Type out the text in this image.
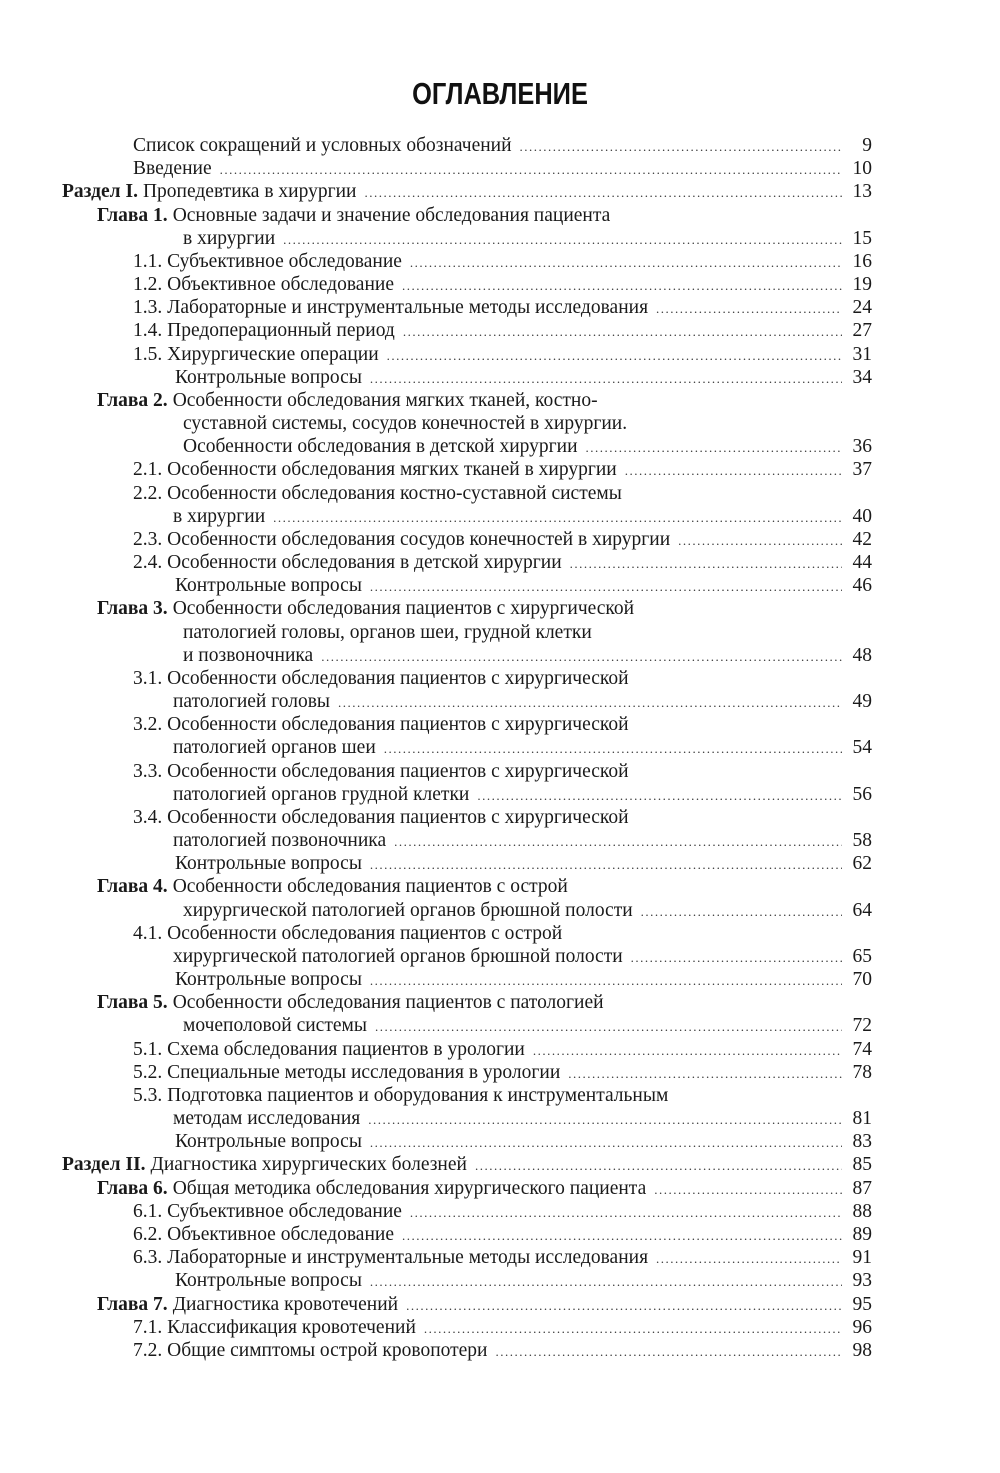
ОГЛАВЛЕНИЕ
Список сокращений и условных обозначений .....	9
Введение .....	10
Раздел I. Пропедевтика в хирургии .....	13
Глава 1. Основные задачи и значение обследования пациента
в хирургии .....	15
1.1. Субъективное обследование .....	16
1.2. Объективное обследование .....	19
1.3. Лабораторные и инструментальные методы исследования .....	24
1.4. Предоперационный период .....	27
1.5. Хирургические операции .....	31
Контрольные вопросы .....	34
Глава 2. Особенности обследования мягких тканей, костно-
суставной системы, сосудов конечностей в хирургии.
Особенности обследования в детской хирургии .....	36
2.1. Особенности обследования мягких тканей в хирургии .....	37
2.2. Особенности обследования костно-суставной системы
в хирургии .....	40
2.3. Особенности обследования сосудов конечностей в хирургии .....	42
2.4. Особенности обследования в детской хирургии .....	44
Контрольные вопросы .....	46
Глава 3. Особенности обследования пациентов с хирургической
патологией головы, органов шеи, грудной клетки
и позвоночника .....	48
3.1. Особенности обследования пациентов с хирургической
патологией головы .....	49
3.2. Особенности обследования пациентов с хирургической
патологией органов шеи .....	54
3.3. Особенности обследования пациентов с хирургической
патологией органов грудной клетки .....	56
3.4. Особенности обследования пациентов с хирургической
патологией позвоночника .....	58
Контрольные вопросы .....	62
Глава 4. Особенности обследования пациентов с острой
хирургической патологией органов брюшной полости .....	64
4.1. Особенности обследования пациентов с острой
хирургической патологией органов брюшной полости .....	65
Контрольные вопросы .....	70
Глава 5. Особенности обследования пациентов с патологией
мочеполовой системы .....	72
5.1. Схема обследования пациентов в урологии .....	74
5.2. Специальные методы исследования в урологии .....	78
5.3. Подготовка пациентов и оборудования к инструментальным
методам исследования .....	81
Контрольные вопросы .....	83
Раздел II. Диагностика хирургических болезней .....	85
Глава 6. Общая методика обследования хирургического пациента .....	87
6.1. Субъективное обследование .....	88
6.2. Объективное обследование .....	89
6.3. Лабораторные и инструментальные методы исследования .....	91
Контрольные вопросы .....	93
Глава 7. Диагностика кровотечений .....	95
7.1. Классификация кровотечений .....	96
7.2. Общие симптомы острой кровопотери .....	98
